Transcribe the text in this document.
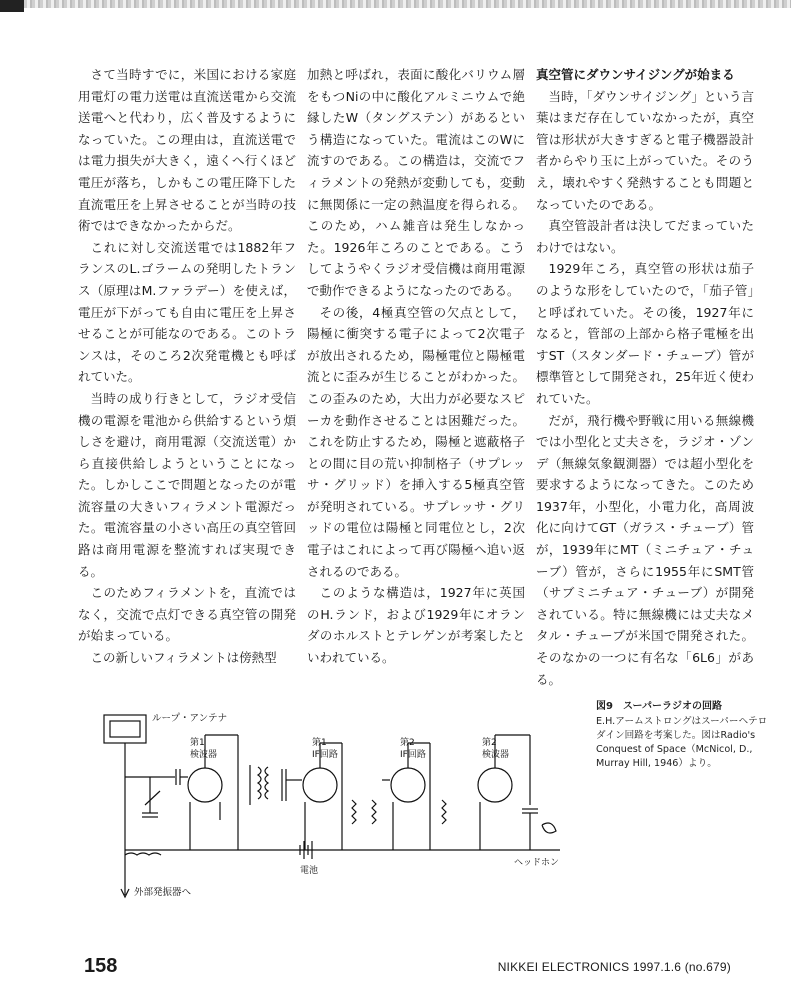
さて当時すでに，米国における家庭用電灯の電力送電は直流送電から交流送電へと代わり，広く普及するようになっていた。この理由は，直流送電では電力損失が大きく，遠くへ行くほど電圧が落ち，しかもこの電圧降下した直流電圧を上昇させることが当時の技術ではできなかったからだ。

これに対し交流送電では1882年フランスのL.ゴラームの発明したトランス（原理はM.ファラデー）を使えば，電圧が下がっても自由に電圧を上昇させることが可能なのである。このトランスは，そのころ2次発電機とも呼ばれていた。

当時の成り行きとして，ラジオ受信機の電源を電池から供給するという煩しさを避け，商用電源（交流送電）から直接供給しようということになった。しかしここで問題となったのが電流容量の大きいフィラメント電源だった。電流容量の小さい高圧の真空管回路は商用電源を整流すれば実現できる。

このためフィラメントを，直流ではなく，交流で点灯できる真空管の開発が始まっている。

この新しいフィラメントは傍熱型

加熱と呼ばれ，表面に酸化バリウム層をもつNiの中に酸化アルミニウムで絶縁したW（タングステン）があるという構造になっていた。電流はこのWに流すのである。この構造は，交流でフィラメントの発熱が変動しても，変動に無関係に一定の熱温度を得られる。このため，ハム雑音は発生しなかった。1926年ころのことである。こうしてようやくラジオ受信機は商用電源で動作できるようになったのである。

その後，4極真空管の欠点として，陽極に衝突する電子によって2次電子が放出されるため，陽極電位と陽極電流とに歪みが生じることがわかった。この歪みのため，大出力が必要なスピーカを動作させることは困難だった。これを防止するため，陽極と遮蔽格子との間に目の荒い抑制格子（サプレッサ・グリッド）を挿入する5極真空管が発明されている。サプレッサ・グリッドの電位は陽極と同電位とし，2次電子はこれによって再び陽極へ追い返されるのである。

このような構造は，1927年に英国のH.ランド，および1929年にオランダのホルストとテレゲンが考案したといわれている。

真空管にダウンサイジングが始まる

当時，「ダウンサイジング」という言葉はまだ存在していなかったが，真空管は形状が大きすぎると電子機器設計者からやり玉に上がっていた。そのうえ，壊れやすく発熱することも問題となっていたのである。

真空管設計者は決してだまっていたわけではない。

1929年ころ，真空管の形状は茄子のような形をしていたので，「茄子管」と呼ばれていた。その後，1927年になると，管部の上部から格子電極を出すST（スタンダード・チューブ）管が標準管として開発され，25年近く使われていた。

だが，飛行機や野戦に用いる無線機では小型化と丈夫さを，ラジオ・ゾンデ（無線気象観測器）では超小型化を要求するようになってきた。このため1937年，小型化，小電力化，高周波化に向けてGT（ガラス・チューブ）管が，1939年にMT（ミニチュア・チューブ）管が，さらに1955年にSMT管（サブミニチュア・チューブ）が開発されている。特に無線機には丈夫なメタル・チューブが米国で開発された。そのなかの一つに有名な「6L6」がある。

ループ・アンテナ
第1
検波器
第1
IF回路
第2
IF回路
第2
検波器
電池
ヘッドホン
外部発振器へ
図9　スーパーラジオの回路

E.H.アームストロングはスーパーヘテロダイン回路を考案した。図はRadio's Conquest of Space（McNicol, D., Murray Hill, 1946）より。

158	NIKKEI ELECTRONICS 1997.1.6 (no.679)
